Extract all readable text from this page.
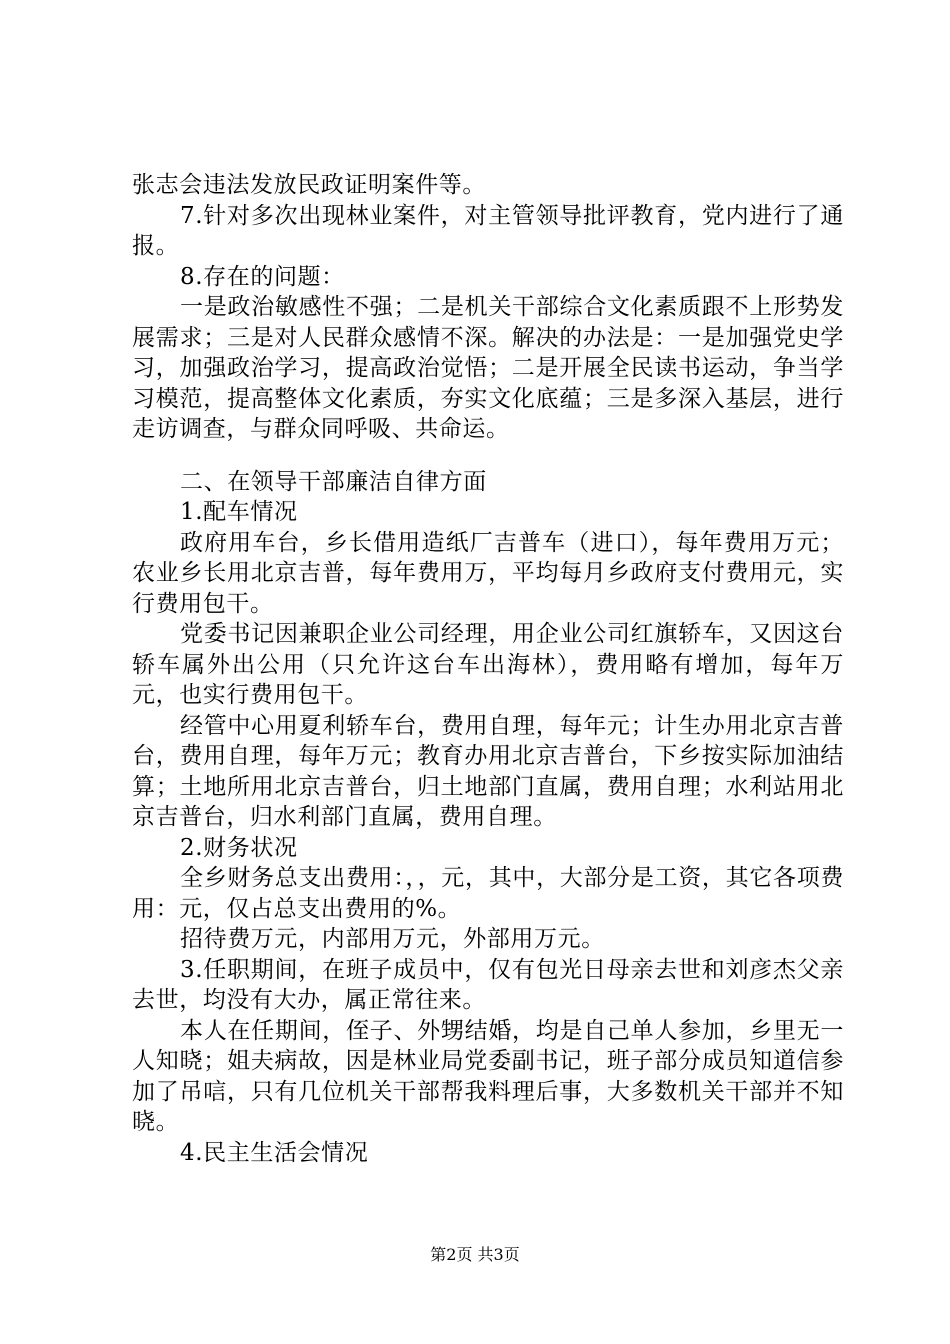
张志会违法发放民政证明案件等。

7.针对多次出现林业案件，对主管领导批评教育，党内进行了通报。

8.存在的问题：

一是政治敏感性不强；二是机关干部综合文化素质跟不上形势发展需求；三是对人民群众感情不深。解决的办法是：一是加强党史学习，加强政治学习，提高政治觉悟；二是开展全民读书运动，争当学习模范，提高整体文化素质，夯实文化底蕴；三是多深入基层，进行走访调查，与群众同呼吸、共命运。

二、在领导干部廉洁自律方面

1.配车情况

政府用车台，乡长借用造纸厂吉普车（进口），每年费用万元；农业乡长用北京吉普，每年费用万，平均每月乡政府支付费用元，实行费用包干。

党委书记因兼职企业公司经理，用企业公司红旗轿车，又因这台轿车属外出公用（只允许这台车出海林），费用略有增加，每年万元，也实行费用包干。

经管中心用夏利轿车台，费用自理，每年元；计生办用北京吉普台，费用自理，每年万元；教育办用北京吉普台，下乡按实际加油结算；土地所用北京吉普台，归土地部门直属，费用自理；水利站用北京吉普台，归水利部门直属，费用自理。

2.财务状况

全乡财务总支出费用：，，元，其中，大部分是工资，其它各项费用：元，仅占总支出费用的%。

招待费万元，内部用万元，外部用万元。

3.任职期间，在班子成员中，仅有包光日母亲去世和刘彦杰父亲去世，均没有大办，属正常往来。

本人在任期间，侄子、外甥结婚，均是自己单人参加，乡里无一人知晓；姐夫病故，因是林业局党委副书记，班子部分成员知道信参加了吊唁，只有几位机关干部帮我料理后事，大多数机关干部并不知晓。

4.民主生活会情况

第2页 共3页
